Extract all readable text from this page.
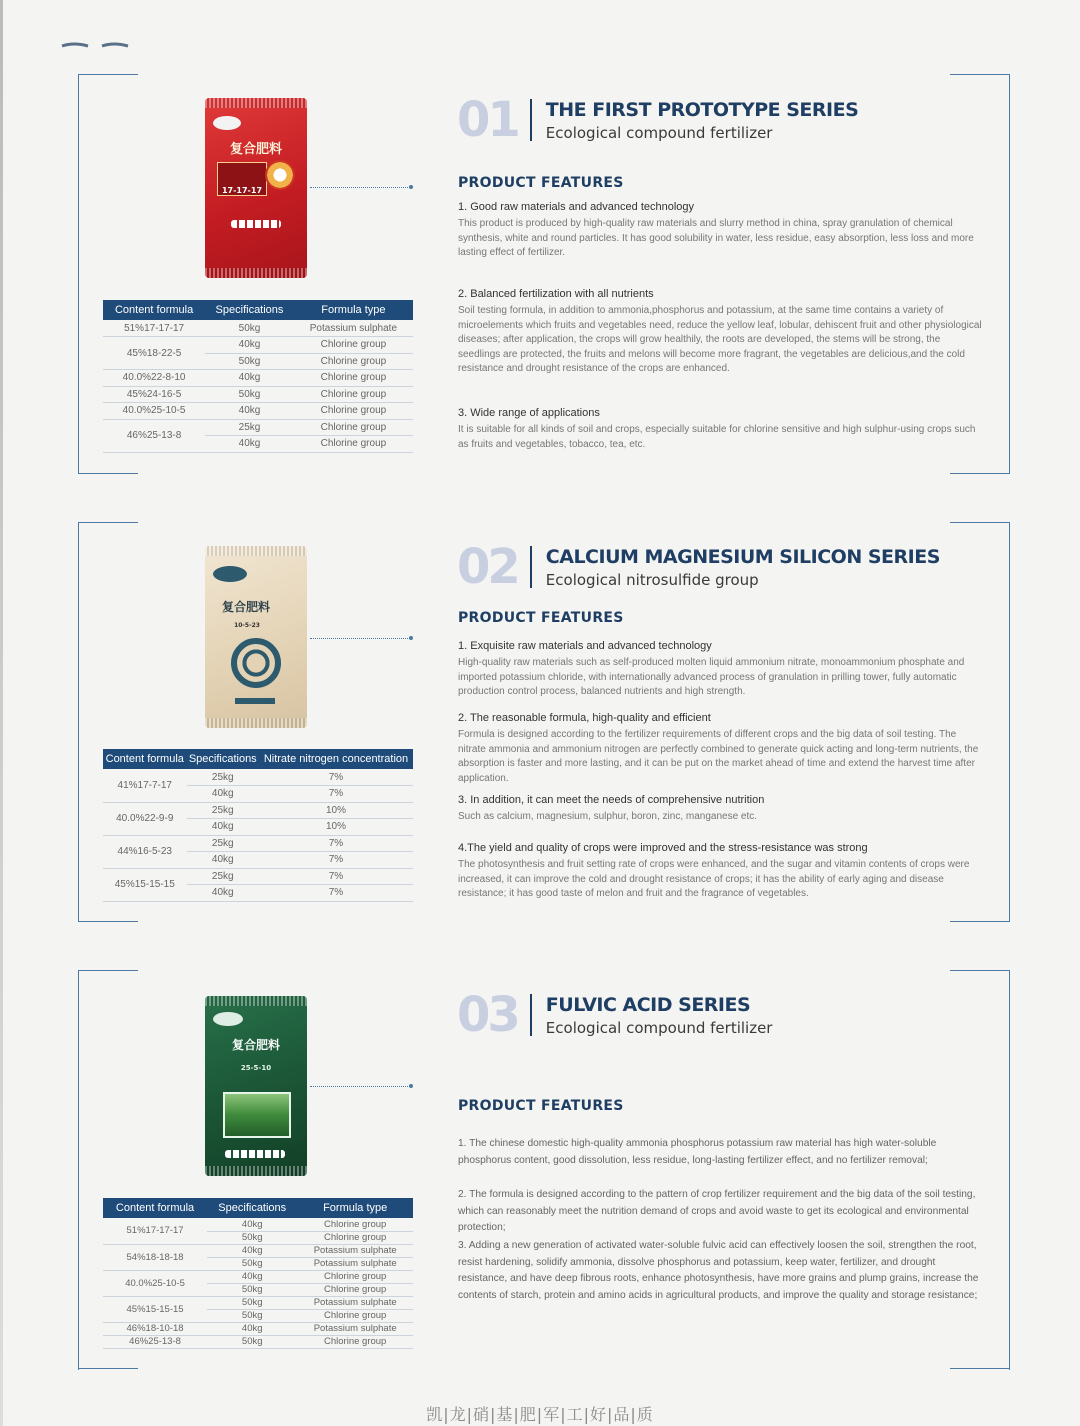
复合肥料
17-17-17
Content formula	Specifications	Formula type
51%17-17-17	50kg	Potassium sulphate
45%18-22-5	40kg	Chlorine group
	50kg	Chlorine group
40.0%22-8-10	40kg	Chlorine group
45%24-16-5	50kg	Chlorine group
40.0%25-10-5	40kg	Chlorine group
46%25-13-8	25kg	Chlorine group
	40kg	Chlorine group
01 THE FIRST PROTOTYPE SERIES
Ecological compound fertilizer
PRODUCT FEATURES
1. Good raw materials and advanced technology

This product is produced by high-quality raw materials and slurry method in china, spray granulation of chemical synthesis, white and round particles. It has good solubility in water, less residue, easy absorption, less loss and more lasting effect of fertilizer.

2. Balanced fertilization with all nutrients

Soil testing formula, in addition to ammonia,phosphorus and potassium, at the same time contains a variety of microelements which fruits and vegetables need, reduce the yellow leaf, lobular, dehiscent fruit and other physiological diseases; after application, the crops will grow healthily, the roots are developed, the stems will be strong, the seedlings are protected, the fruits and melons will become more fragrant, the vegetables are delicious,and the cold resistance and drought resistance of the crops are enhanced.

3. Wide range of applications

It is suitable for all kinds of soil and crops, especially suitable for chlorine sensitive and high sulphur-using crops such as fruits and vegetables, tobacco, tea, etc.

复合肥料
10-5-23
Content formula	Specifications	Nitrate nitrogen concentration
41%17-7-17	25kg	7%
	40kg	7%
40.0%22-9-9	25kg	10%
	40kg	10%
44%16-5-23	25kg	7%
	40kg	7%
45%15-15-15	25kg	7%
	40kg	7%
02 CALCIUM MAGNESIUM SILICON SERIES
Ecological nitrosulfide group
PRODUCT FEATURES
1. Exquisite raw materials and advanced technology

High-quality raw materials such as self-produced molten liquid ammonium nitrate, monoammonium phosphate and imported potassium chloride, with internationally advanced process of granulation in prilling tower, fully automatic production control process, balanced nutrients and high strength.

2. The reasonable formula, high-quality and efficient

Formula is designed according to the fertilizer requirements of different crops and the big data of soil testing. The nitrate ammonia and ammonium nitrogen are perfectly combined to generate quick acting and long-term nutrients, the absorption is faster and more lasting, and it can be put on the market ahead of time and extend the harvest time after application.

3. In addition, it can meet the needs of comprehensive nutrition

Such as calcium, magnesium, sulphur, boron, zinc, manganese etc.

4.The yield and quality of crops were improved and the stress-resistance was strong

The photosynthesis and fruit setting rate of crops were enhanced, and the sugar and vitamin contents of crops were increased, it can improve the cold and drought resistance of crops; it has the ability of early aging and disease resistance; it has good taste of melon and fruit and the fragrance of vegetables.

复合肥料
25-5-10
Content formula	Specifications	Formula type
51%17-17-17	40kg	Chlorine group
	50kg	Chlorine group
54%18-18-18	40kg	Potassium sulphate
	50kg	Potassium sulphate
40.0%25-10-5	40kg	Chlorine group
	50kg	Chlorine group
45%15-15-15	50kg	Potassium sulphate
	50kg	Chlorine group
46%18-10-18	40kg	Potassium sulphate
46%25-13-8	50kg	Chlorine group
03 FULVIC ACID SERIES
Ecological compound fertilizer
PRODUCT FEATURES

1. The chinese domestic high-quality ammonia phosphorus potassium raw material has high water-soluble phosphorus content, good dissolution, less residue, long-lasting fertilizer effect, and no fertilizer removal;

2. The formula is designed according to the pattern of crop fertilizer requirement and the big data of the soil testing, which can reasonably meet the nutrition demand of crops and avoid waste to get its ecological and environmental protection;

3. Adding a new generation of activated water-soluble fulvic acid can effectively loosen the soil, strengthen the root, resist hardening, solidify ammonia, dissolve phosphorus and potassium, keep water, fertilizer, and drought resistance, and have deep fibrous roots, enhance photosynthesis, have more grains and plump grains, increase the contents of starch, protein and amino acids in agricultural products, and improve the quality and storage resistance;

凯|龙|硝|基|肥|军|工|好|品|质
